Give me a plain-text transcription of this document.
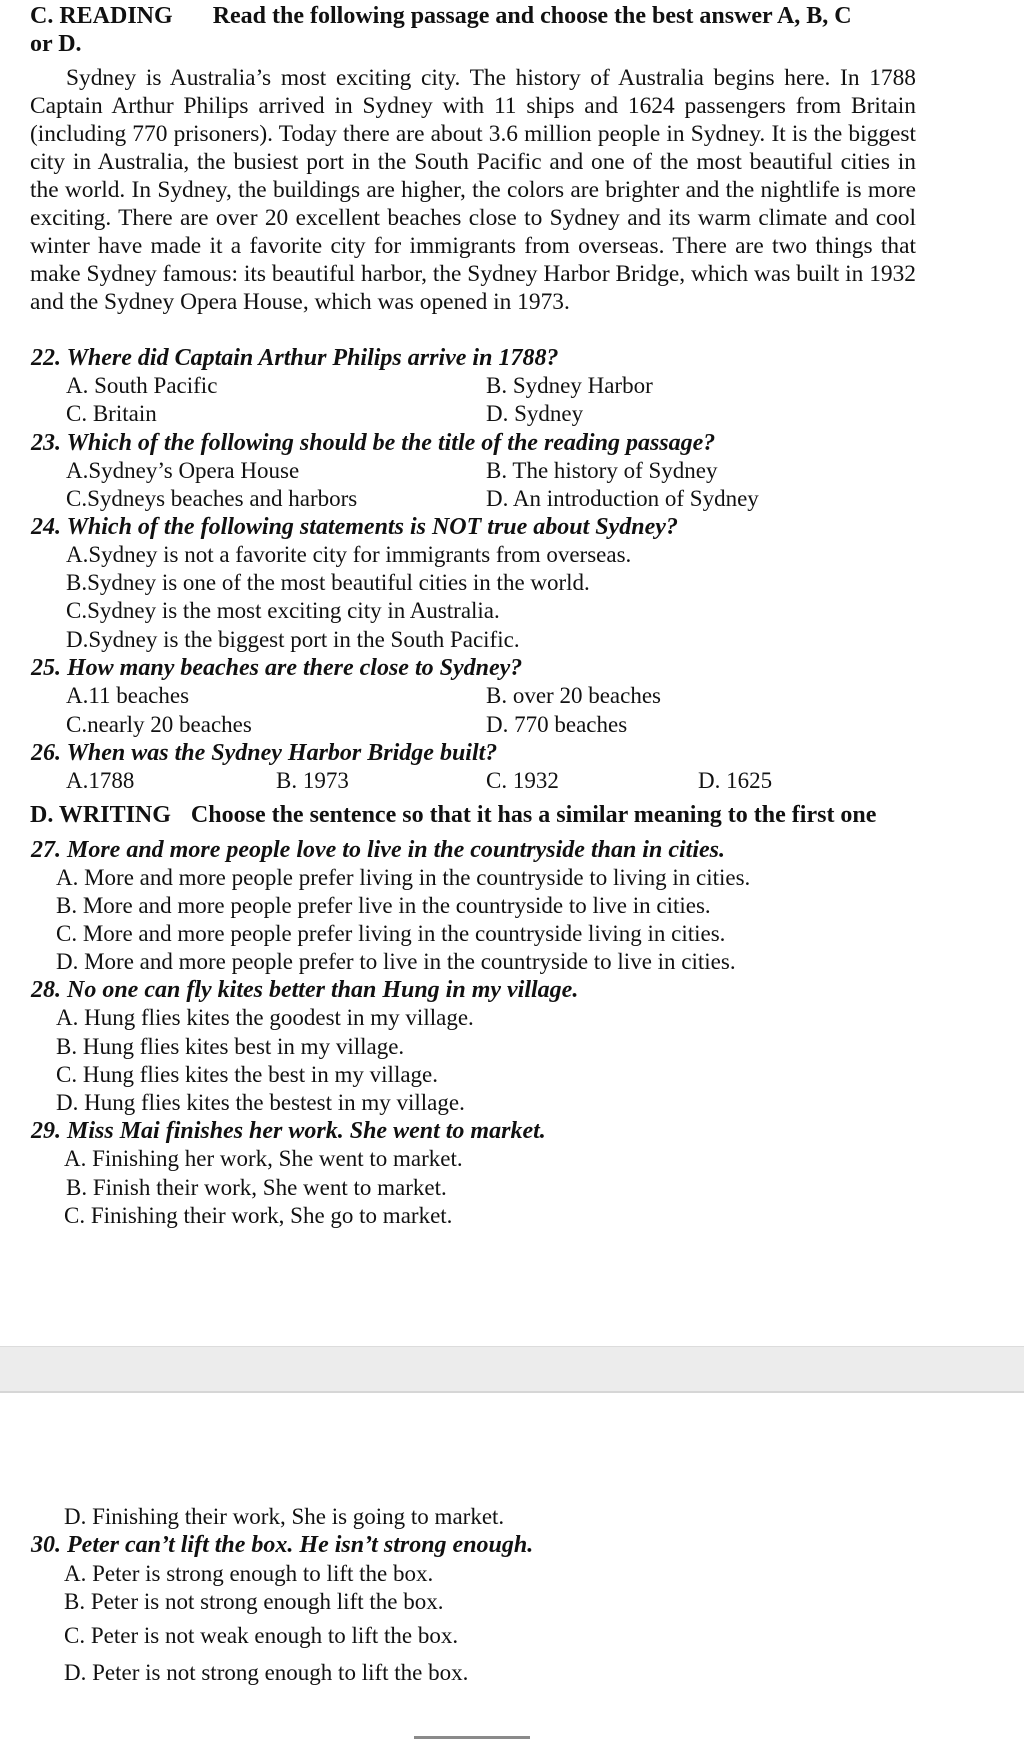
C. READING Read the following passage and choose the best answer A, B, C
or D.

Sydney is Australia’s most exciting city. The history of Australia begins here. In 1788 Captain Arthur Philips arrived in Sydney with 11 ships and 1624 passengers from Britain (including 770 prisoners). Today there are about 3.6 million people in Sydney. It is the biggest city in Australia, the busiest port in the South Pacific and one of the most beautiful cities in the world. In Sydney, the buildings are higher, the colors are brighter and the nightlife is more exciting. There are over 20 excellent beaches close to Sydney and its warm climate and cool winter have made it a favorite city for immigrants from overseas. There are two things that make Sydney famous: its beautiful harbor, the Sydney Harbor Bridge, which was built in 1932 and the Sydney Opera House, which was opened in 1973.

22. Where did Captain Arthur Philips arrive in 1788?
A. South Pacific	B. Sydney Harbor
C. Britain	D. Sydney
23. Which of the following should be the title of the reading passage?
A.Sydney’s Opera House	B. The history of Sydney
C.Sydneys beaches and harbors	D. An introduction of Sydney
24. Which of the following statements is NOT true about Sydney?
A.Sydney is not a favorite city for immigrants from overseas.
B.Sydney is one of the most beautiful cities in the world.
C.Sydney is the most exciting city in Australia.
D.Sydney is the biggest port in the South Pacific.
25. How many beaches are there close to Sydney?
A.11 beaches	B. over 20 beaches
C.nearly 20 beaches	D. 770 beaches
26. When was the Sydney Harbor Bridge built?
A.1788	B. 1973	C. 1932	D. 1625
D. WRITING Choose the sentence so that it has a similar meaning to the first one
27. More and more people love to live in the countryside than in cities.
A. More and more people prefer living in the countryside to living in cities.
B. More and more people prefer live in the countryside to live in cities.
C. More and more people prefer living in the countryside living in cities.
D. More and more people prefer to live in the countryside to live in cities.
28. No one can fly kites better than Hung in my village.
A. Hung flies kites the goodest in my village.
B. Hung flies kites best in my village.
C. Hung flies kites the best in my village.
D. Hung flies kites the bestest in my village.
29. Miss Mai finishes her work. She went to market.
A. Finishing her work, She went to market.
B. Finish their work, She went to market.
C. Finishing their work, She go to market.
D. Finishing their work, She is going to market.
30. Peter can’t lift the box. He isn’t strong enough.
A. Peter is strong enough to lift the box.
B. Peter is not strong enough lift the box.
C. Peter is not weak enough to lift the box.
D. Peter is not strong enough to lift the box.
